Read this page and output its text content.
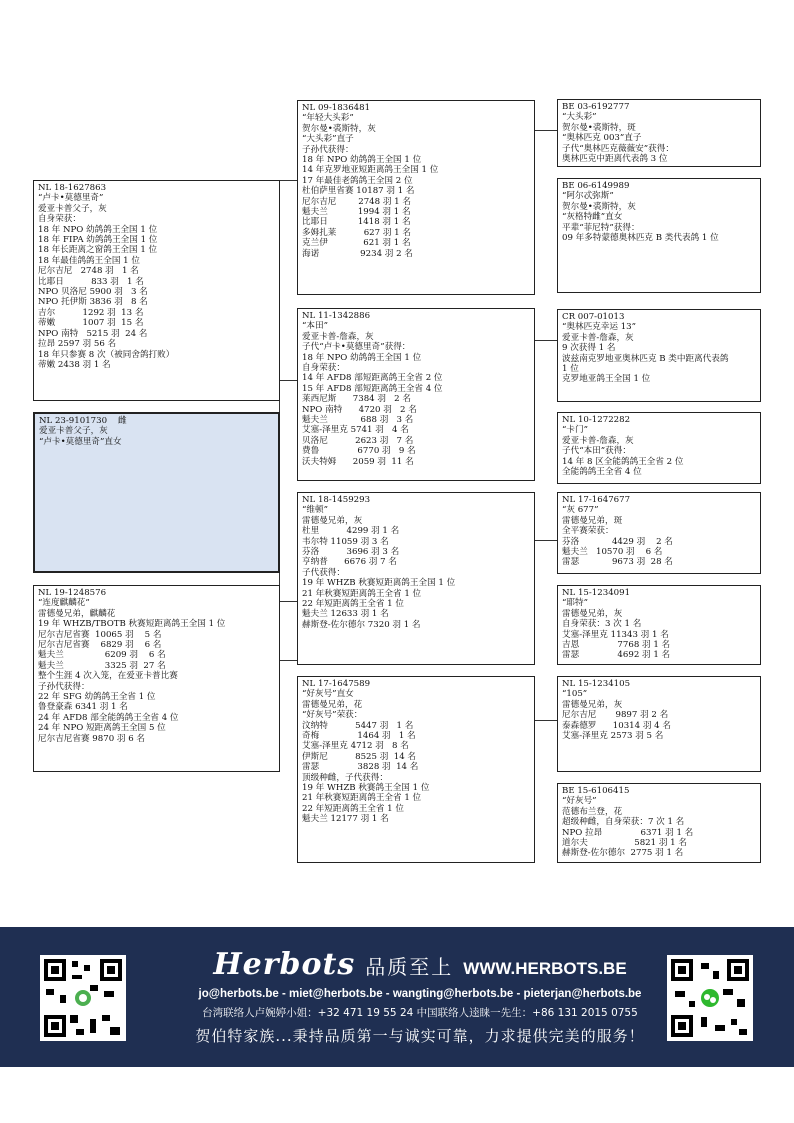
NL 18-1627863
“卢卡•莫德里奇”
爱亚卡普父子，灰
自身荣获：
18 年 NPO 幼鸽鸽王全国 1 位
18 年 FIPA 幼鸽鸽王全国 1 位
18 年长距离之窗鸽王全国 1 位
18 年最佳鸽鸽王全国 1 位
尼尔吉尼   2748 羽   1 名
比耶日          833 羽   1 名
NPO 贝洛尼 5900 羽   3 名
NPO 托伊斯 3836 羽   8 名
吉尔          1292 羽  13 名
蒂嫩          1007 羽  15 名
NPO 南特   5215 羽  24 名
拉昂 2597 羽 56 名
18 年只参赛 8 次（被同舍鸽打败）
蒂嫩 2438 羽 1 名
NL 23-9101730    雌
爱亚卡普父子，灰
“卢卡•莫德里奇”直女
NL 19-1248576
“连度麒麟花”
雷德曼兄弟，麒麟花
19 年 WHZB/TBOTB 秋赛短距离鸽王全国 1 位
尼尔吉尼省赛  10065 羽    5 名
尼尔吉尼省赛    6829 羽    6 名
魁夫兰               6209 羽    6 名
魁夫兰               3325 羽  27 名
整个生涯 4 次入笼，在爱亚卡普比赛
子孙代获得：
22 年 SFG 幼鸽鸽王全省 1 位
鲁登豪森 6341 羽 1 名
24 年 AFD8 部全能鸽鸽王全省 4 位
24 年 NPO 短距离鸽王全国 5 位
尼尔吉尼省赛 9870 羽 6 名
NL 09-1836481
“年轻大头彩”
贺尔曼•裘斯特，灰
“大头彩”直子
子孙代获得：
18 年 NPO 幼鸽鸽王全国 1 位
14 年克罗地亚短距离鸽王全国 1 位
17 年最佳老鸽鸽王全国 2 位
杜伯萨里省赛 10187 羽 1 名
尼尔吉尼        2748 羽 1 名
魁夫兰           1994 羽 1 名
比耶日           1418 羽 1 名
多姆扎莱          627 羽 1 名
克兰伊             621 羽 1 名
海诺               9234 羽 2 名
NL 11-1342886
“本田”
爱亚卡普-詹森，灰
子代“卢卡•莫德里奇”获得：
18 年 NPO 幼鸽鸽王全国 1 位
自身荣获：
14 年 AFD8 部短距离鸽王全省 2 位
15 年 AFD8 部短距离鸽王全省 4 位
莱西尼斯      7384 羽   2 名
NPO 南特      4720 羽   2 名
魁夫兰            688 羽   3 名
艾塞-泽里克 5741 羽   4 名
贝洛尼          2623 羽   7 名
费鲁              6770 羽   9 名
沃夫特姆      2059 羽  11 名
NL 18-1459293
“维顿”
雷德曼兄弟，灰
杜里          4299 羽 1 名
韦尔特 11059 羽 3 名
芬洛          3696 羽 3 名
亨纳普      6676 羽 7 名
子代获得：
19 年 WHZB 秋赛短距离鸽王全国 1 位
21 年秋赛短距离鸽王全省 1 位
22 年短距离鸽王全省 1 位
魁夫兰 12633 羽 1 名
赫斯登-佐尔德尔 7320 羽 1 名
NL 17-1647589
“好灰号”直女
雷德曼兄弟，花
“好灰号”荣获：
汶纳特          5447 羽   1 名
奇梅              1464 羽   1 名
艾塞-泽里克 4712 羽   8 名
伊斯尼          8525 羽  14 名
雷瑟              3828 羽  14 名
顶级种雌，子代获得：
19 年 WHZB 秋赛鸽王全国 1 位
21 年秋赛短距离鸽王全省 1 位
22 年短距离鸽王全省 1 位
魁夫兰 12177 羽 1 名
BE 03-6192777
“大头彩”
贺尔曼•裘斯特，斑
“奥林匹克 003”直子
子代“奥林匹克薇薇安”获得：
奥林匹克中距离代表鸽 3 位
BE 06-6149989
“阿尔忒弥斯”
贺尔曼•裘斯特，灰
“灰格特雌”直女
平辈“菲尼特”获得：
09 年多特蒙德奥林匹克 B 类代表鸽 1 位
CR 007-01013
“奥林匹克幸运 13”
爱亚卡普-詹森，灰
9 次获得 1 名
波兹南克罗地亚奥林匹克 B 类中距离代表鸽
1 位
克罗地亚鸽王全国 1 位
NL 10-1272282
“卡门”
爱亚卡普-詹森，灰
子代“本田”获得：
14 年 8 区全能鸽鸽王全省 2 位
全能鸽鸽王全省 4 位
NL 17-1647677
“灰 677”
雷德曼兄弟，斑
全平赛荣获：
芬洛            4429 羽    2 名
魁夫兰   10570 羽    6 名
雷瑟            9673 羽  28 名
NL 15-1234091
“耶特”
雷德曼兄弟，灰
自身荣获：3 次 1 名
艾塞-泽里克 11343 羽 1 名
吉恩              7768 羽 1 名
雷瑟              4692 羽 1 名
NL 15-1234105
“105”
雷德曼兄弟，灰
尼尔吉尼       9897 羽 2 名
泰森德罗      10314 羽 4 名
艾塞-泽里克 2573 羽 5 名
BE 15-6106415
“好灰号”
范德布兰登，花
超级种雌，自身荣获：7 次 1 名
NPO 拉昂              6371 羽 1 名
道尔夫                 5821 羽 1 名
赫斯登-佐尔德尔  2775 羽 1 名
Herbots 品质至上 WWW.HERBOTS.BE
jo@herbots.be - miet@herbots.be - wangting@herbots.be - pieterjan@herbots.be
台湾联络人卢婉婷小姐：+32 471 19 55 24 中国联络人逵睐一先生：+86 131 2015 0755
贺伯特家族...秉持品质第一与诚实可靠，力求提供完美的服务！
